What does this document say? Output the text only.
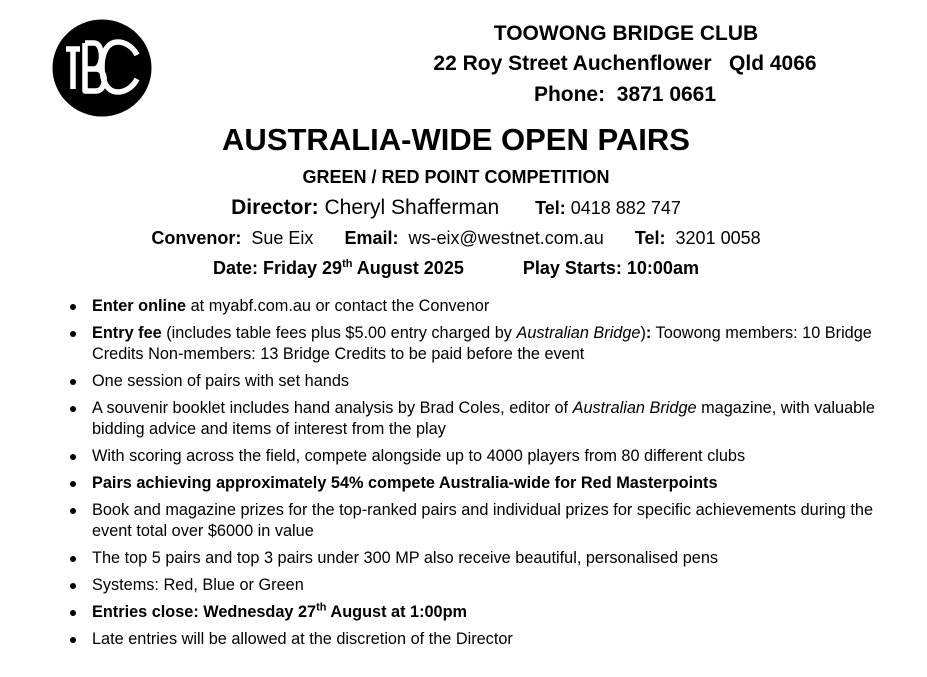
TBC
TOOWONG BRIDGE CLUB
22 Roy Street Auchenflower   Qld 4066
Phone:  3871 0661
AUSTRALIA-WIDE OPEN PAIRS
GREEN / RED POINT COMPETITION
Director: Cheryl Shafferman Tel: 0418 882 747
Convenor: Sue Eix Email: ws-eix@westnet.com.au Tel: 3201 0058
Date: Friday 29th August 2025	Play Starts: 10:00am
Enter online at myabf.com.au or contact the Convenor
Entry fee (includes table fees plus $5.00 entry charged by Australian Bridge): Toowong members: 10 Bridge Credits Non-members: 13 Bridge Credits to be paid before the event
One session of pairs with set hands
A souvenir booklet includes hand analysis by Brad Coles, editor of Australian Bridge magazine, with valuable bidding advice and items of interest from the play
With scoring across the field, compete alongside up to 4000 players from 80 different clubs
Pairs achieving approximately 54% compete Australia-wide for Red Masterpoints
Book and magazine prizes for the top-ranked pairs and individual prizes for specific achievements during the event total over $6000 in value
The top 5 pairs and top 3 pairs under 300 MP also receive beautiful, personalised pens
Systems: Red, Blue or Green
Entries close: Wednesday 27th August at 1:00pm
Late entries will be allowed at the discretion of the Director
